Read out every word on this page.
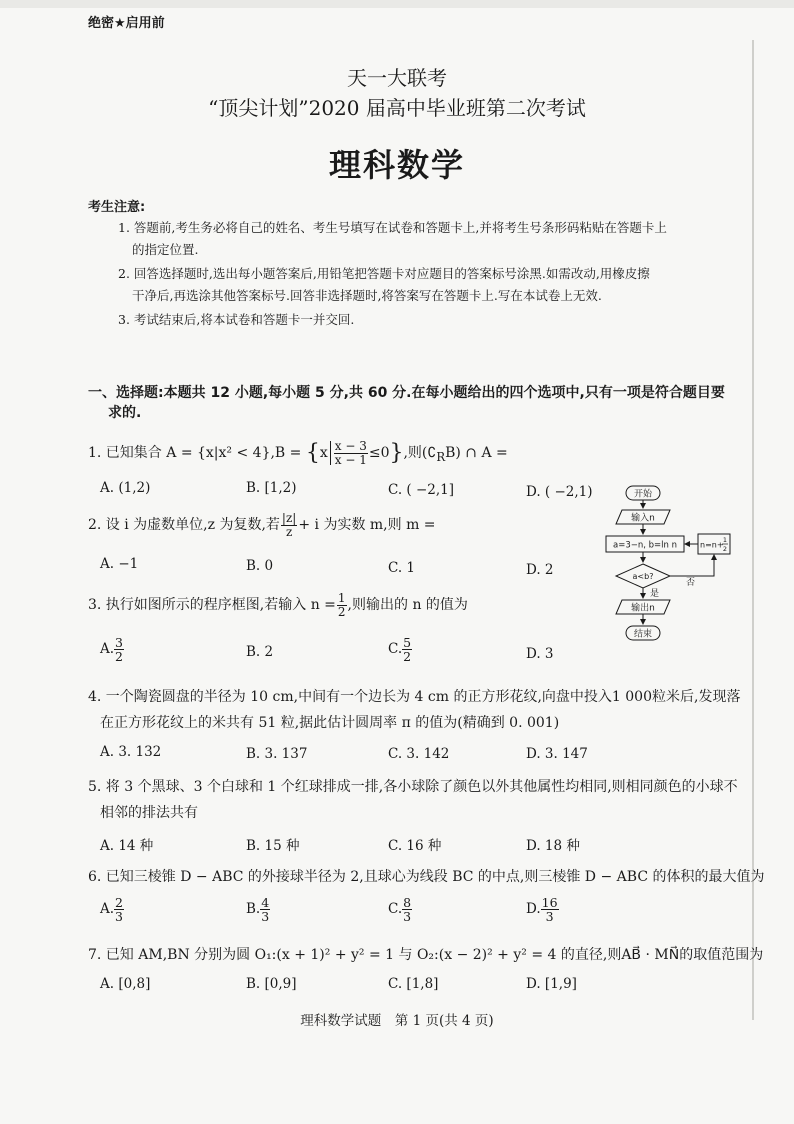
绝密★启用前
天一大联考
“顶尖计划”2020 届高中毕业班第二次考试
理科数学
考生注意:
1. 答题前,考生务必将自己的姓名、考生号填写在试卷和答题卡上,并将考生号条形码粘贴在答题卡上
的指定位置.
2. 回答选择题时,选出每小题答案后,用铅笔把答题卡对应题目的答案标号涂黑.如需改动,用橡皮擦
干净后,再选涂其他答案标号.回答非选择题时,将答案写在答题卡上.写在本试卷上无效.
3. 考试结束后,将本试卷和答题卡一并交回.
一、选择题:本题共 12 小题,每小题 5 分,共 60 分.在每小题给出的四个选项中,只有一项是符合题目要
求的.
1. 已知集合 $A = \{x|x^2 < 4\},B = \{x \frac{x - 3}{x - 1} \le 0\}$,则$(∁_RB)$ ∩ A =
A. (1,2)	B. [1,2)	C. ( −2,1]	D. ( −2,1)
2. 设 i 为虚数单位,z 为复数,若 $\frac{|z|}{z} + i$ 为实数 m,则 m =
A. −1	B. 0	C. 1	D. 2
3. 执行如图所示的程序框图,若输入 $n = \frac{1}{2}$ ,则输出的 n 的值为
A. $\frac{3}{2}$	B. 2	C. $\frac{5}{2}$	D. 3
4. 一个陶瓷圆盘的半径为 10 cm,中间有一个边长为 4 cm 的正方形花纹,向盘中投入1 000粒米后,发现落
在正方形花纹上的米共有 51 粒,据此估计圆周率 π 的值为(精确到 0. 001)
A. 3. 132	B. 3. 137	C. 3. 142	D. 3. 147
5. 将 3 个黑球、3 个白球和 1 个红球排成一排,各小球除了颜色以外其他属性均相同,则相同颜色的小球不
相邻的排法共有
A. 14 种	B. 15 种	C. 16 种	D. 18 种
6. 已知三棱锥 D − ABC 的外接球半径为 2,且球心为线段 BC 的中点,则三棱锥 D − ABC 的体积的最大值为
A. $\frac{2}{3}$	B. $\frac{4}{3}$	C. $\frac{8}{3}$	D. $\frac{16}{3}$
7. 已知 AM,BN 分别为圆 O₁:(x + 1)² + y² = 1 与 O₂:(x − 2)² + y² = 4 的直径,则AB⃗ · MN⃗的取值范围为
A. [0,8]	B. [0,9]	C. [1,8]	D. [1,9]
开始
输入n
a=3−n, b=ln n	n=n+
1
2
a<b?
否
是
输出n
结束
理科数学试题　第 1 页(共 4 页)
